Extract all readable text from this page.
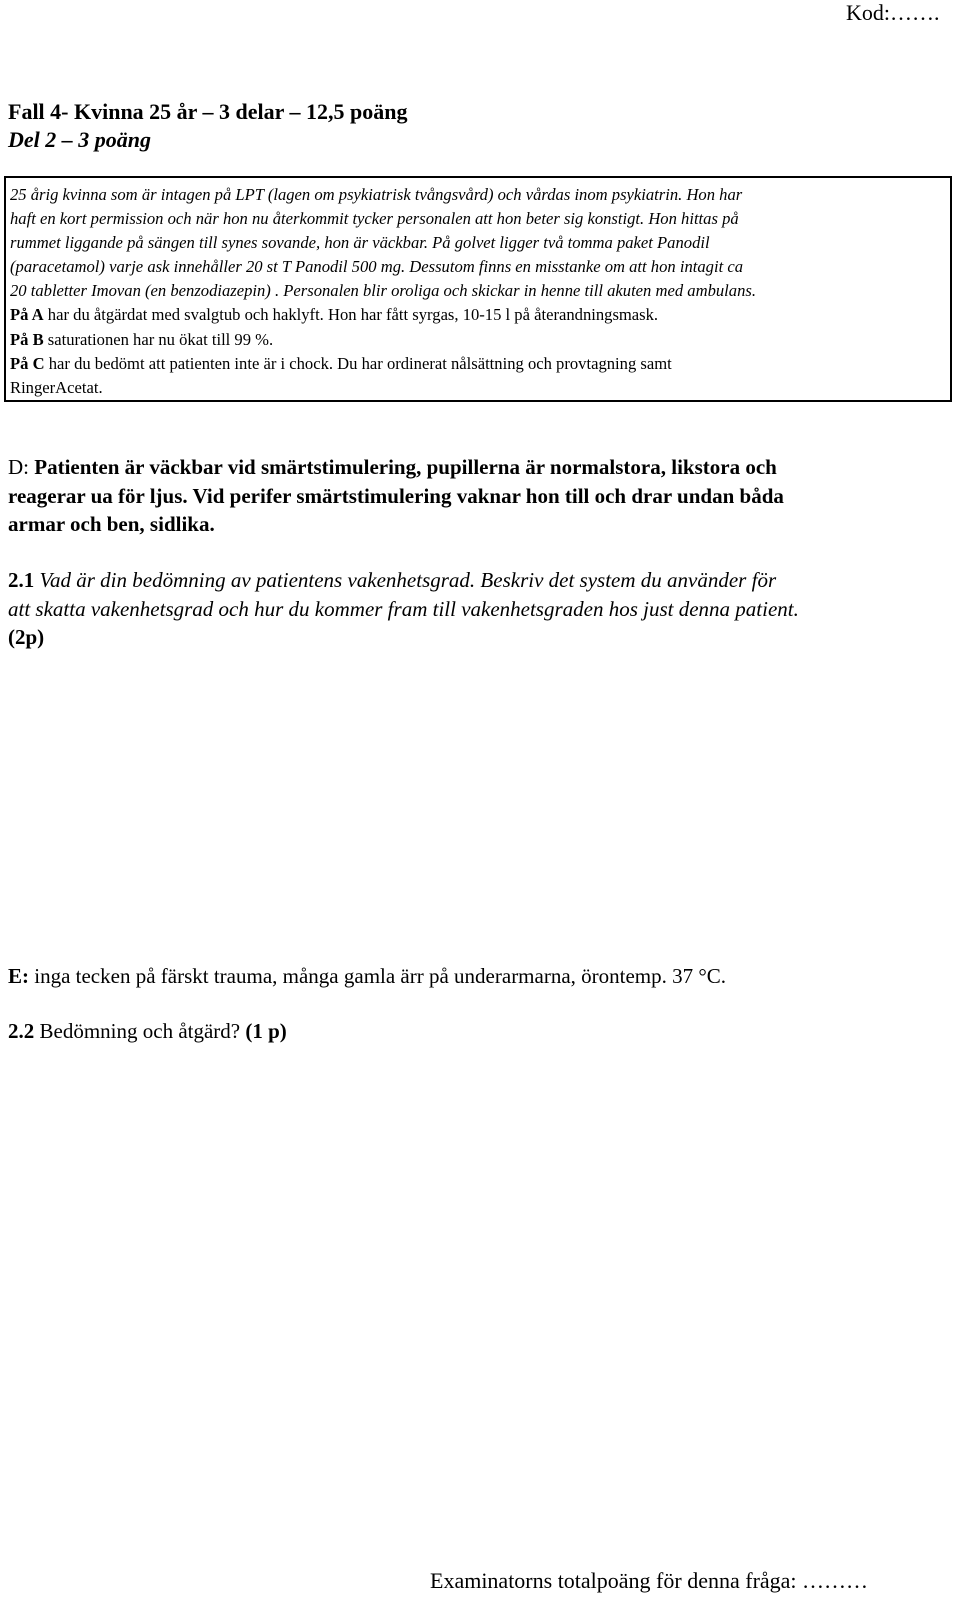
Kod:…….
Fall 4- Kvinna 25 år – 3 delar – 12,5 poäng
Del 2 – 3 poäng
25 årig kvinna som är intagen på LPT (lagen om psykiatrisk tvångsvård) och vårdas inom psykiatrin. Hon har
haft en kort permission och när hon nu återkommit tycker personalen att hon beter sig konstigt. Hon hittas på
rummet liggande på sängen till synes sovande, hon är väckbar. På golvet ligger två tomma paket Panodil
(paracetamol) varje ask innehåller 20 st T Panodil 500 mg. Dessutom finns en misstanke om att hon intagit ca
20 tabletter Imovan (en benzodiazepin) . Personalen blir oroliga och skickar in henne till akuten med ambulans.
På A har du åtgärdat med svalgtub och haklyft. Hon har fått syrgas, 10-15 l på återandningsmask.
På B saturationen har nu ökat till 99 %.
På C har du bedömt att patienten inte är i chock. Du har ordinerat nålsättning och provtagning samt
RingerAcetat.
D: Patienten är väckbar vid smärtstimulering, pupillerna är normalstora, likstora och
reagerar ua för ljus. Vid perifer smärtstimulering vaknar hon till och drar undan båda
armar och ben, sidlika.
2.1 Vad är din bedömning av patientens vakenhetsgrad. Beskriv det system du använder för
att skatta vakenhetsgrad och hur du kommer fram till vakenhetsgraden hos just denna patient.
(2p)
E: inga tecken på färskt trauma, många gamla ärr på underarmarna, örontemp. 37 °C.
2.2 Bedömning och åtgärd? (1 p)
Examinatorns totalpoäng för denna fråga: ………
